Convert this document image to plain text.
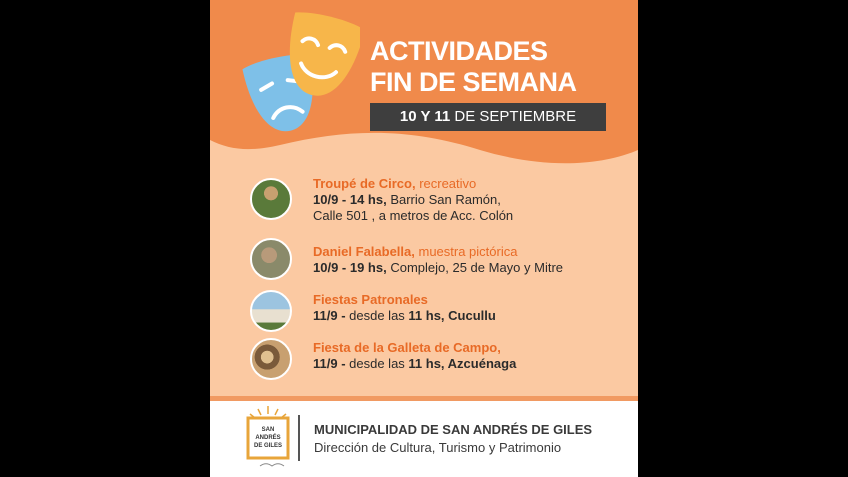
ACTIVIDADES
FIN DE SEMANA
10 Y 11 DE SEPTIEMBRE
Troupé de Circo, recreativo
10/9 - 14 hs, Barrio San Ramón,
Calle 501 , a metros de Acc. Colón
Daniel Falabella, muestra pictórica
10/9 - 19 hs, Complejo, 25 de Mayo y Mitre
Fiestas Patronales
11/9 - desde las 11 hs, Cucullu
Fiesta de la Galleta de Campo,
11/9 - desde las 11 hs, Azcuénaga
SAN
ANDRÉS
DE GILES
MUNICIPALIDAD DE SAN ANDRÉS DE GILES
Dirección de Cultura, Turismo y Patrimonio
